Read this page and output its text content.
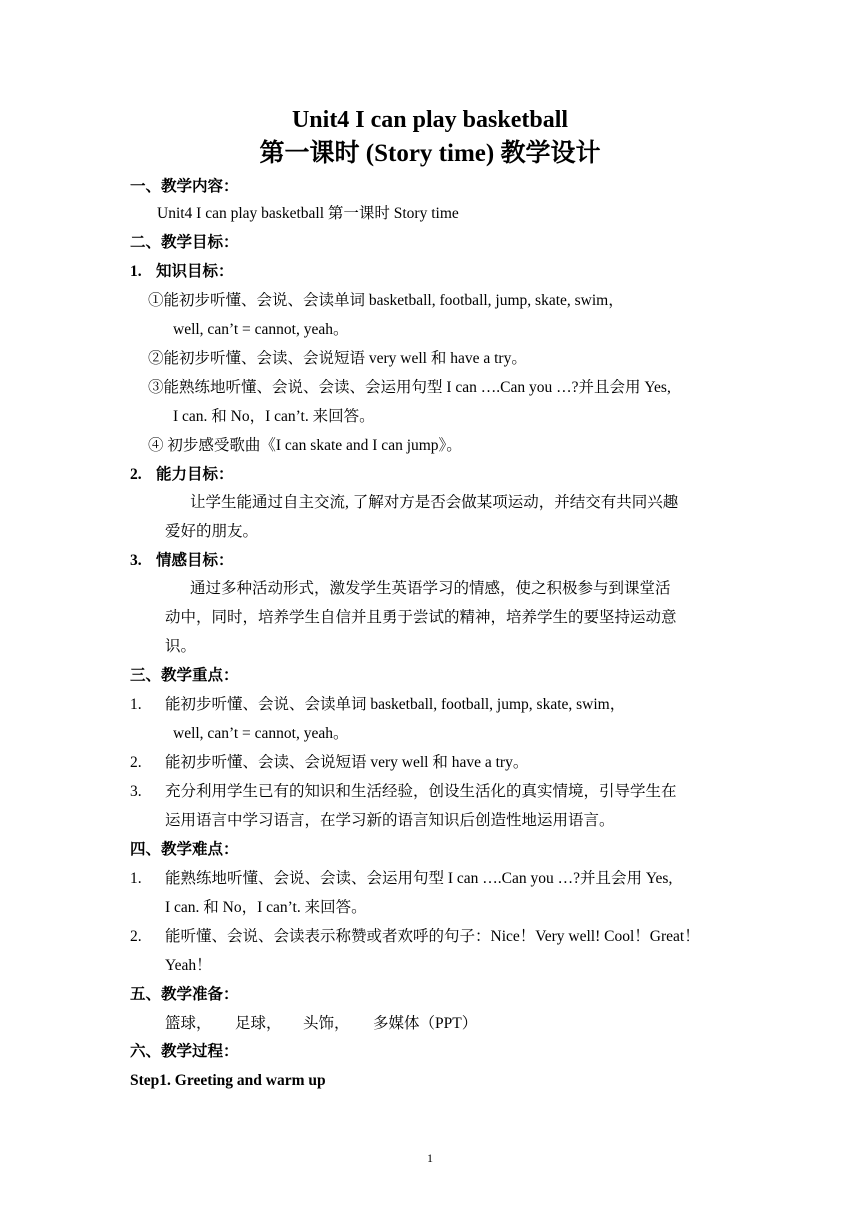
Unit4 I can play basketball
第一课时 (Story time) 教学设计
一、教学内容：
Unit4 I can play basketball 第一课时 Story time
二、教学目标：
1. 知识目标：
①能初步听懂、会说、会读单词 basketball, football, jump, skate, swim，
well, can’t = cannot, yeah。
②能初步听懂、会读、会说短语 very well 和 have a try。
③能熟练地听懂、会说、会读、会运用句型 I can ….Can you …?并且会用 Yes,
I can. 和 No，I can’t. 来回答。
④ 初步感受歌曲《I can skate and I can jump》。
2. 能力目标：
让学生能通过自主交流, 了解对方是否会做某项运动，并结交有共同兴趣
爱好的朋友。
3. 情感目标：
通过多种活动形式，激发学生英语学习的情感，使之积极参与到课堂活
动中，同时，培养学生自信并且勇于尝试的精神，培养学生的要坚持运动意
识。
三、教学重点：
1. 能初步听懂、会说、会读单词 basketball, football, jump, skate, swim，
well, can’t = cannot, yeah。
2. 能初步听懂、会读、会说短语 very well 和 have a try。
3. 充分利用学生已有的知识和生活经验，创设生活化的真实情境，引导学生在
运用语言中学习语言，在学习新的语言知识后创造性地运用语言。
四、教学难点：
1. 能熟练地听懂、会说、会读、会运用句型 I can ….Can you …?并且会用 Yes,
I can. 和 No，I can’t. 来回答。
2. 能听懂、会说、会读表示称赞或者欢呼的句子：Nice！Very well! Cool！Great！
Yeah！
五、教学准备：
篮球， 足球， 头饰， 多媒体（PPT）
六、教学过程：
Step1. Greeting and warm up
1
